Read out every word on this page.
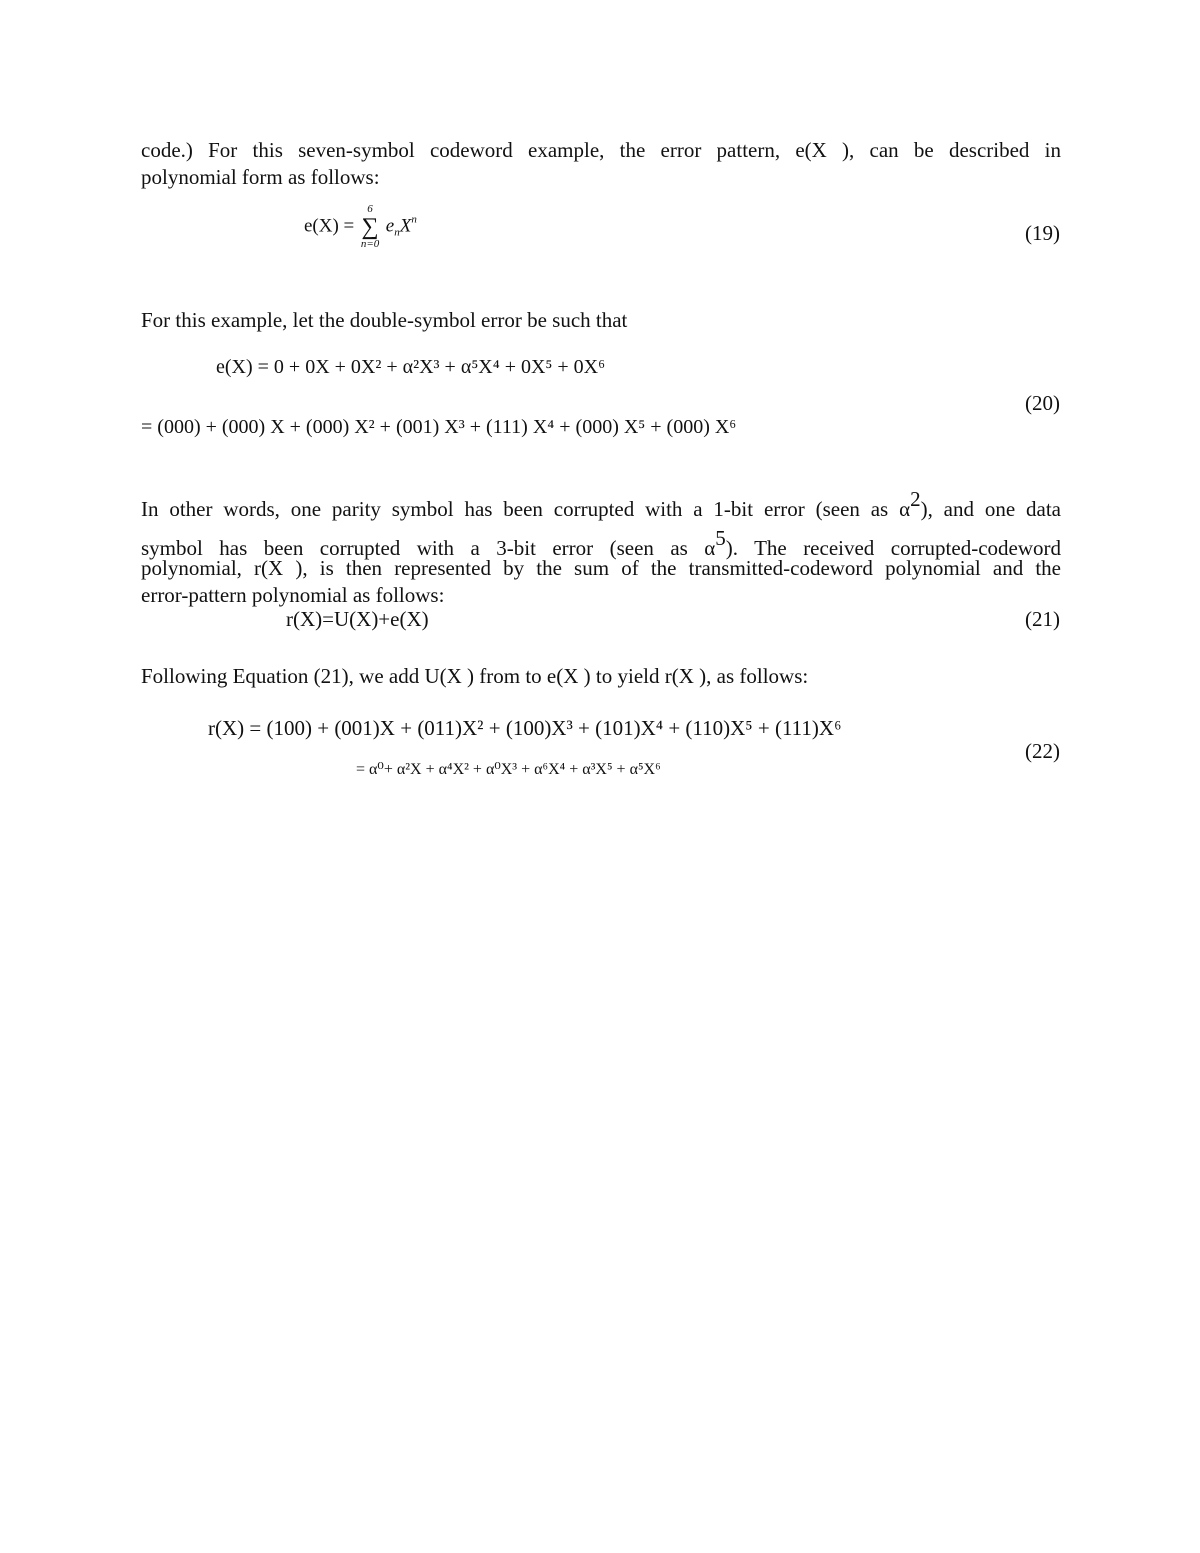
code.) For this seven-symbol codeword example, the error pattern, e(X ), can be described in
polynomial form as follows:
e(X) =
6
∑
n=0
$e_nX^n$
(19)
For this example, let the double-symbol error be such that
e(X) = 0 + 0X + 0X² + α²X³ + α⁵X⁴ + 0X⁵ + 0X⁶
= (000) + (000) X + (000) X² + (001) X³ + (111) X⁴ + (000) X⁵ + (000) X⁶
(20)
In other words, one parity symbol has been corrupted with a 1-bit error (seen as α2), and one data
symbol has been corrupted with a 3-bit error (seen as α5). The received corrupted-codeword
polynomial, r(X ), is then represented by the sum of the transmitted-codeword polynomial and the
error-pattern polynomial as follows:
r(X)=U(X)+e(X)	(21)
Following Equation (21), we add U(X ) from to e(X ) to yield r(X ), as follows:
r(X) = (100) + (001)X + (011)X² + (100)X³ + (101)X⁴ + (110)X⁵ + (111)X⁶
= α⁰+ α²X + α⁴X² + α⁰X³ + α⁶X⁴ + α³X⁵ + α⁵X⁶
(22)
